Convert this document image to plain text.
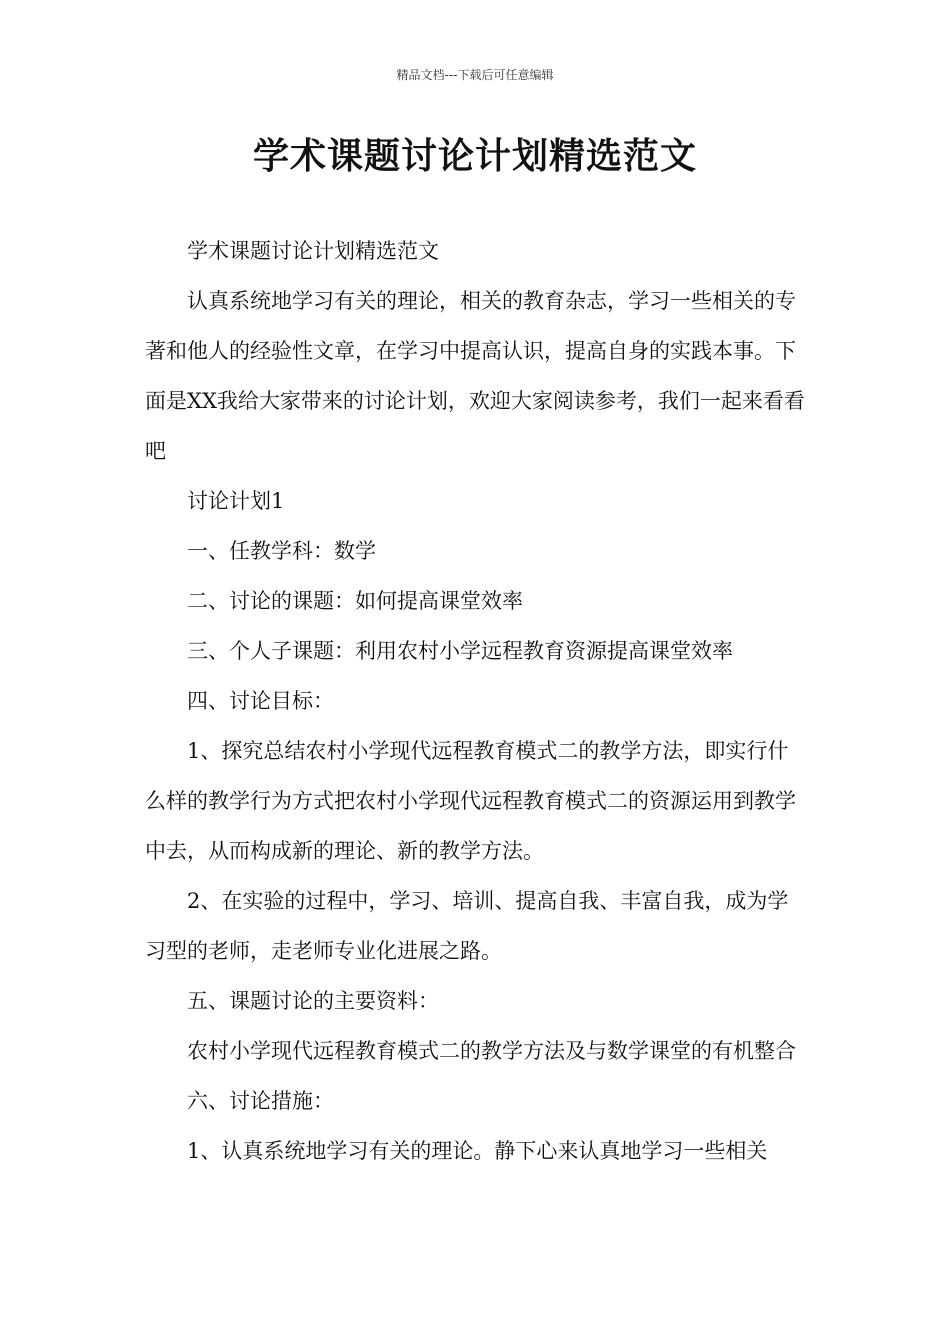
精品文档---下载后可任意编辑
学术课题讨论计划精选范文

学术课题讨论计划精选范文

认真系统地学习有关的理论，相关的教育杂志，学习一些相关的专著和他人的经验性文章，在学习中提高认识，提高自身的实践本事。下面是XX我给大家带来的讨论计划，欢迎大家阅读参考，我们一起来看看吧

讨论计划1

一、任教学科：数学

二、讨论的课题：如何提高课堂效率

三、个人子课题：利用农村小学远程教育资源提高课堂效率

四、讨论目标：

1、探究总结农村小学现代远程教育模式二的教学方法，即实行什么样的教学行为方式把农村小学现代远程教育模式二的资源运用到教学中去，从而构成新的理论、新的教学方法。

2、在实验的过程中，学习、培训、提高自我、丰富自我，成为学习型的老师，走老师专业化进展之路。

五、课题讨论的主要资料：

农村小学现代远程教育模式二的教学方法及与数学课堂的有机整合

六、讨论措施：

1、认真系统地学习有关的理论。静下心来认真地学习一些相关
